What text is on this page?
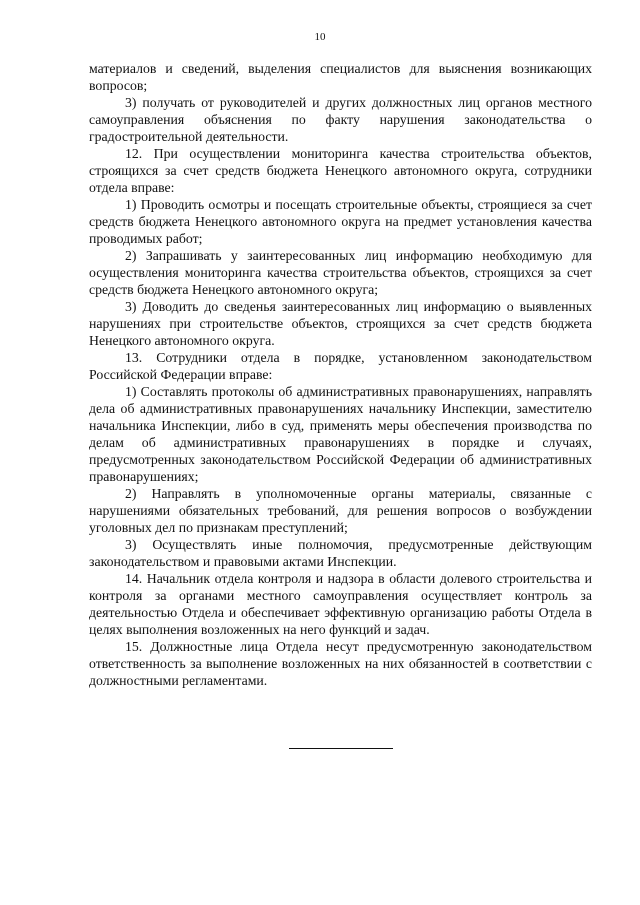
10

материалов и сведений, выделения специалистов для выяснения возникающих вопросов;

3) получать от руководителей и других должностных лиц органов местного самоуправления объяснения по факту нарушения законодательства о градостроительной деятельности.

12. При осуществлении мониторинга качества строительства объектов, строящихся за счет средств бюджета Ненецкого автономного округа, сотрудники отдела вправе:

1) Проводить осмотры и посещать строительные объекты, строящиеся за счет средств бюджета Ненецкого автономного округа на предмет установления качества проводимых работ;

2) Запрашивать у заинтересованных лиц информацию необходимую для осуществления мониторинга качества строительства объектов, строящихся за счет средств бюджета Ненецкого автономного округа;

3) Доводить до сведенья заинтересованных лиц информацию о выявленных нарушениях при строительстве объектов, строящихся за счет средств бюджета Ненецкого автономного округа.

13. Сотрудники отдела в порядке, установленном законодательством Российской Федерации вправе:

1) Составлять протоколы об административных правонарушениях, направлять дела об административных правонарушениях начальнику Инспекции, заместителю начальника Инспекции, либо в суд, применять меры обеспечения производства по делам об административных правонарушениях в порядке и случаях, предусмотренных законодательством Российской Федерации об административных правонарушениях;

2) Направлять в уполномоченные органы материалы, связанные с нарушениями обязательных требований, для решения вопросов о возбуждении уголовных дел по признакам преступлений;

3) Осуществлять иные полномочия, предусмотренные действующим законодательством и правовыми актами Инспекции.

14. Начальник отдела контроля и надзора в области долевого строительства и контроля за органами местного самоуправления осуществляет контроль за деятельностью Отдела и обеспечивает эффективную организацию работы Отдела в целях выполнения возложенных на него функций и задач.

15. Должностные лица Отдела несут предусмотренную законодательством ответственность за выполнение возложенных на них обязанностей в соответствии с должностными регламентами.
